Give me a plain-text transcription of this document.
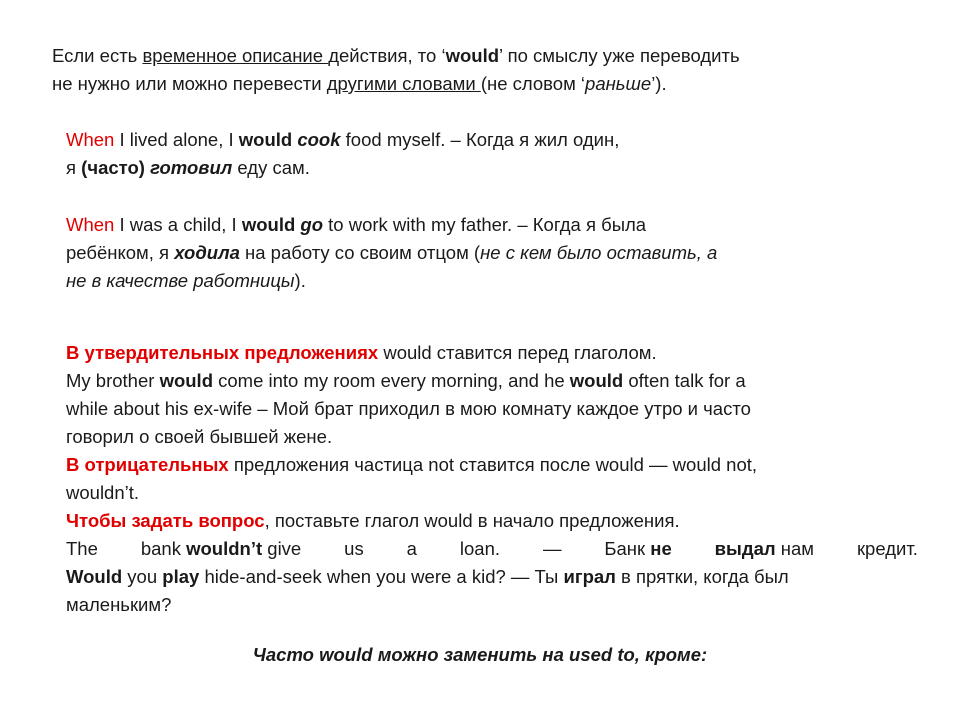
Если есть временное описание действия, то ‘would’ по смыслу уже переводить
не нужно или можно перевести другими словами (не словом ‘раньше’).
When I lived alone, I would cook food myself. – Когда я жил один,
я (часто) готовил еду сам.
When I was a child, I would go to work with my father. – Когда я была
ребёнком, я ходила на работу со своим отцом (не с кем было оставить, а
не в качестве работницы).
В утвердительных предложениях would ставится перед глаголом.
My brother would come into my room every morning, and he would often talk for a
while about his ex-wife – Мой брат приходил в мою комнату каждое утро и часто
говорил о своей бывшей жене.
В отрицательных предложения частица not ставится после would — would not,
wouldn’t.
Чтобы задать вопрос, поставьте глагол would в начало предложения.
The bank wouldn’t give us a loan. — Банк не выдал нам кредит.
Would you play hide-and-seek when you were a kid? — Ты играл в прятки, когда был
маленьким?
Часто would можно заменить на used to, кроме:
